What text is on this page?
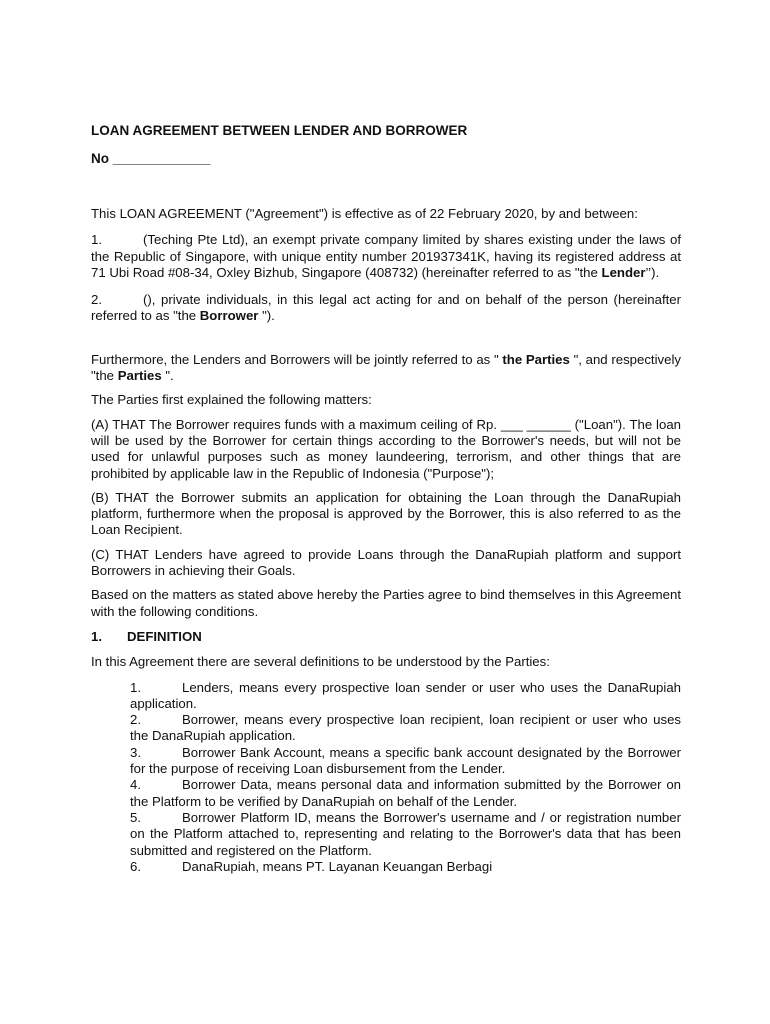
LOAN AGREEMENT BETWEEN LENDER AND BORROWER

No _____________

This LOAN AGREEMENT ("Agreement") is effective as of 22 February 2020, by and between:

1.	(Teching Pte Ltd), an exempt private company limited by shares existing under the laws of the Republic of Singapore, with unique entity number 201937341K, having its registered address at 71 Ubi Road #08-34, Oxley Bizhub, Singapore (408732) (hereinafter referred to as "the Lender’’).

2.	(), private individuals, in this legal act acting for and on behalf of the person (hereinafter referred to as "the Borrower ").

Furthermore, the Lenders and Borrowers will be jointly referred to as " the Parties ", and respectively "the Parties ".

The Parties first explained the following matters:

(A) THAT The Borrower requires funds with a maximum ceiling of Rp. ___ ______ ("Loan"). The loan will be used by the Borrower for certain things according to the Borrower's needs, but will not be used for unlawful purposes such as money laundeering, terrorism, and other things that are prohibited by applicable law in the Republic of Indonesia ("Purpose");

(B) THAT the Borrower submits an application for obtaining the Loan through the DanaRupiah platform, furthermore when the proposal is approved by the Borrower, this is also referred to as the Loan Recipient.

(C) THAT Lenders have agreed to provide Loans through the DanaRupiah platform and support Borrowers in achieving their Goals.

Based on the matters as stated above hereby the Parties agree to bind themselves in this Agreement with the following conditions.

1.	DEFINITION

In this Agreement there are several definitions to be understood by the Parties:

1.	Lenders, means every prospective loan sender or user who uses the DanaRupiah application.

2.	Borrower, means every prospective loan recipient, loan recipient or user who uses the DanaRupiah application.

3.	Borrower Bank Account, means a specific bank account designated by the Borrower for the purpose of receiving Loan disbursement from the Lender.

4.	Borrower Data, means personal data and information submitted by the Borrower on the Platform to be verified by DanaRupiah on behalf of the Lender.

5.	Borrower Platform ID, means the Borrower's username and / or registration number on the Platform attached to, representing and relating to the Borrower's data that has been submitted and registered on the Platform.

6.	DanaRupiah, means PT. Layanan Keuangan Berbagi
